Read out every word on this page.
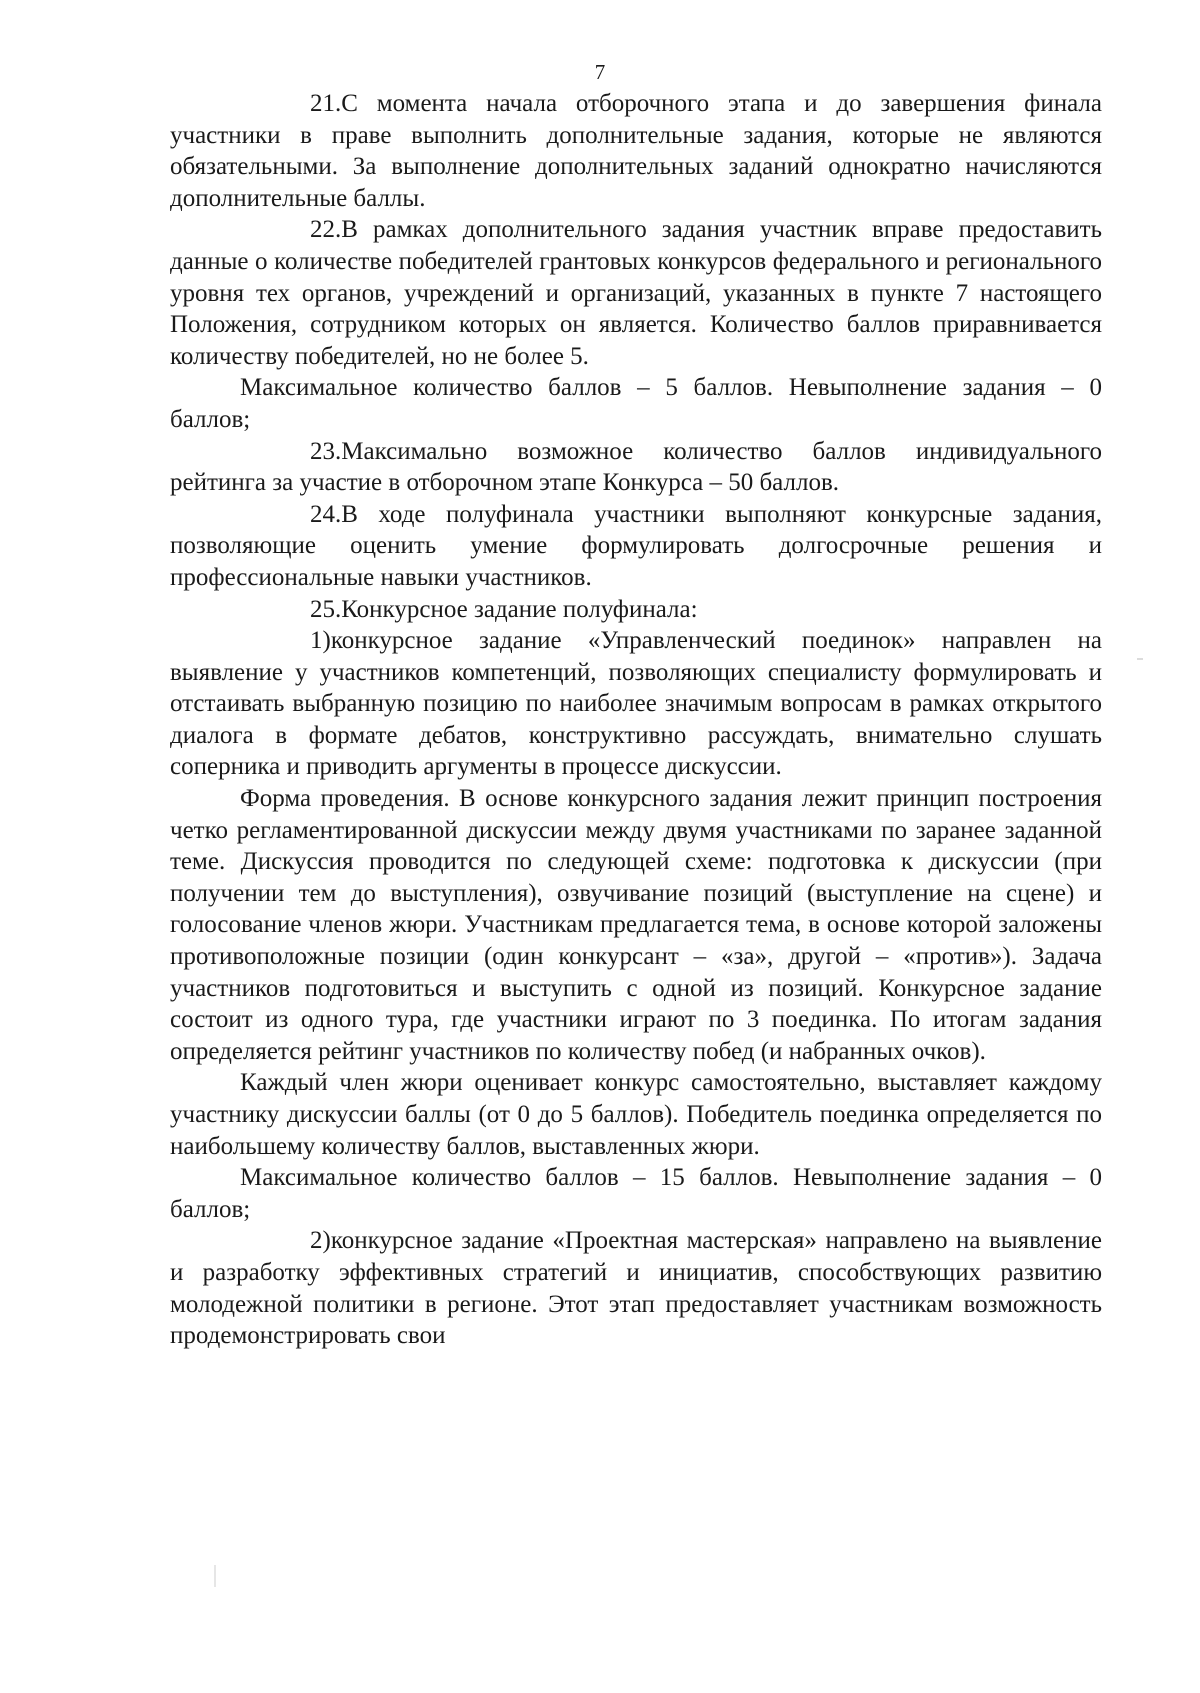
7

21.С момента начала отборочного этапа и до завершения финала участники в праве выполнить дополнительные задания, которые не являются обязательными. За выполнение дополнительных заданий однократно начисляются дополнительные баллы.

22.В рамках дополнительного задания участник вправе предоставить данные о количестве победителей грантовых конкурсов федерального и регионального уровня тех органов, учреждений и организаций, указанных в пункте 7 настоящего Положения, сотрудником которых он является. Количество баллов приравнивается количеству победителей, но не более 5.

Максимальное количество баллов – 5 баллов. Невыполнение задания – 0 баллов;

23.Максимально возможное количество баллов индивидуального рейтинга за участие в отборочном этапе Конкурса – 50 баллов.

24.В ходе полуфинала участники выполняют конкурсные задания, позволяющие оценить умение формулировать долгосрочные решения и профессиональные навыки участников.

25.Конкурсное задание полуфинала:

1)конкурсное задание «Управленческий поединок» направлен на выявление у участников компетенций, позволяющих специалисту формулировать и отстаивать выбранную позицию по наиболее значимым вопросам в рамках открытого диалога в формате дебатов, конструктивно рассуждать, внимательно слушать соперника и приводить аргументы в процессе дискуссии.

Форма проведения. В основе конкурсного задания лежит принцип построения четко регламентированной дискуссии между двумя участниками по заранее заданной теме. Дискуссия проводится по следующей схеме: подготовка к дискуссии (при получении тем до выступления), озвучивание позиций (выступление на сцене) и голосование членов жюри. Участникам предлагается тема, в основе которой заложены противоположные позиции (один конкурсант – «за», другой – «против»). Задача участников подготовиться и выступить с одной из позиций. Конкурсное задание состоит из одного тура, где участники играют по 3 поединка. По итогам задания определяется рейтинг участников по количеству побед (и набранных очков).

Каждый член жюри оценивает конкурс самостоятельно, выставляет каждому участнику дискуссии баллы (от 0 до 5 баллов). Победитель поединка определяется по наибольшему количеству баллов, выставленных жюри.

Максимальное количество баллов – 15 баллов. Невыполнение задания – 0 баллов;

2)конкурсное задание «Проектная мастерская» направлено на выявление и разработку эффективных стратегий и инициатив, способствующих развитию молодежной политики в регионе. Этот этап предоставляет участникам возможность продемонстрировать свои
